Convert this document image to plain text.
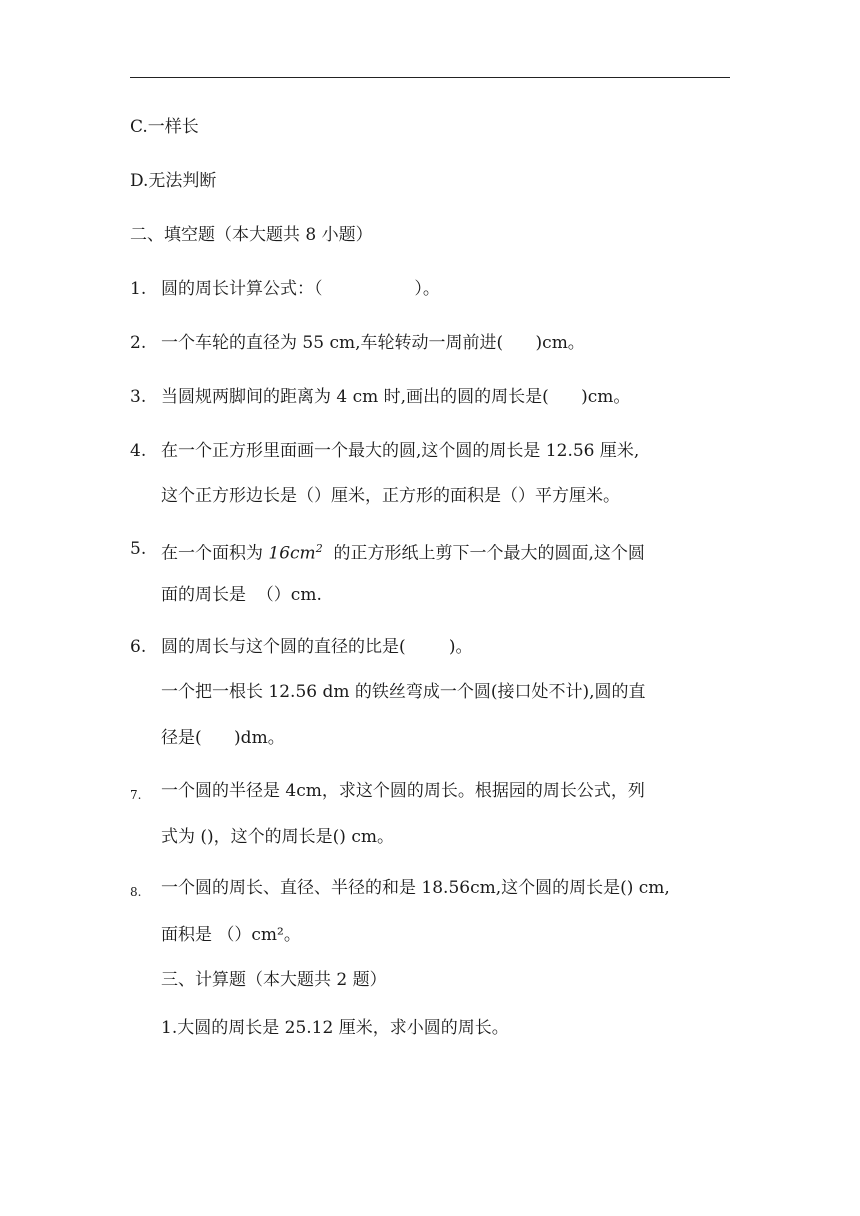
C.一样长
D.无法判断
二、填空题（本大题共 8 小题）
1. 圆的周长计算公式：（                 ）。
2. 一个车轮的直径为 55 cm,车轮转动一周前进(      )cm。
3. 当圆规两脚间的距离为 4 cm 时,画出的圆的周长是(      )cm。
4. 在一个正方形里面画一个最大的圆,这个圆的周长是 12.56 厘米,
这个正方形边长是（）厘米，正方形的面积是（）平方厘米。
5. 在一个面积为 $16cm^2$  的正方形纸上剪下一个最大的圆面,这个圆
面的周长是  （）cm.
6. 圆的周长与这个圆的直径的比是(        )。
一个把一根长 12.56 dm 的铁丝弯成一个圆(接口处不计),圆的直
径是(      )dm。
7. 一个圆的半径是 4cm，求这个圆的周长。根据园的周长公式，列
式为 ()，这个的周长是() cm。
8. 一个圆的周长、直径、半径的和是 18.56cm,这个圆的周长是() cm,
面积是 （）cm²。
三、计算题（本大题共 2 题）
1.大圆的周长是 25.12 厘米，求小圆的周长。
